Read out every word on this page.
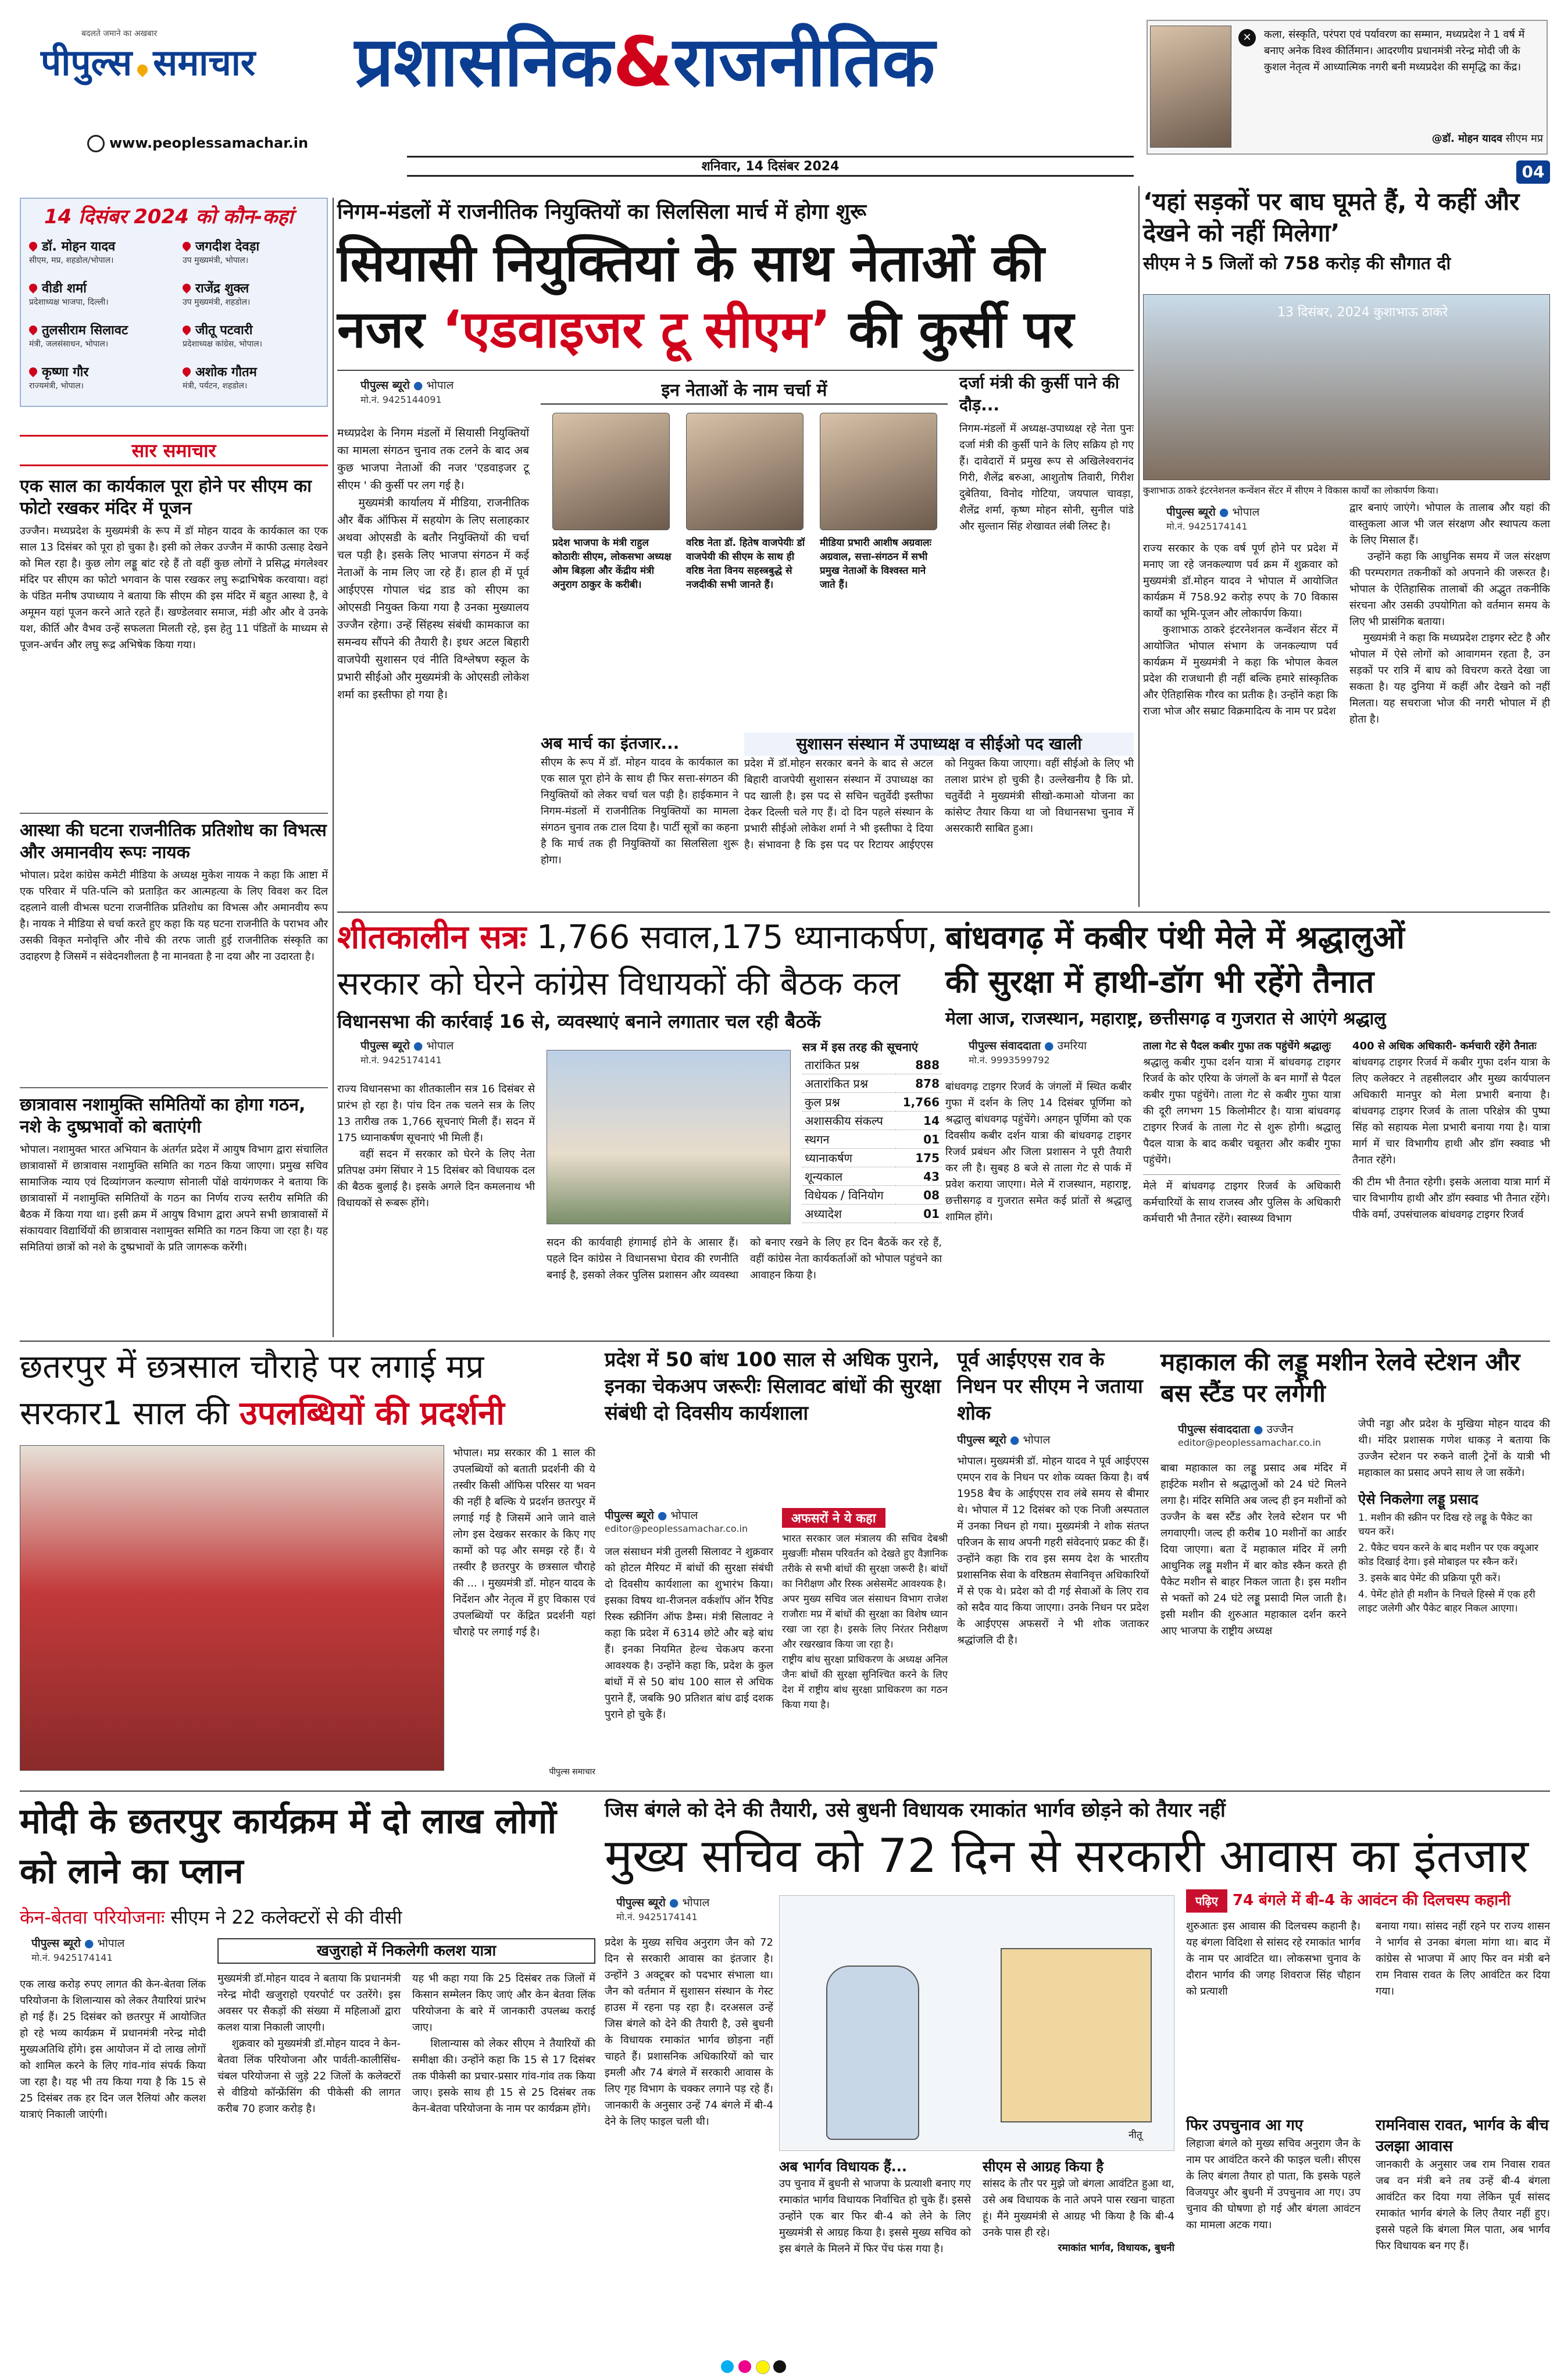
बदलते जमाने का अखबार
पीपुल्स समाचार	प्रशासनिक&राजनीतिक
www.peoplessamachar.in
शनिवार, 14 दिसंबर 2024
✕	कला, संस्कृति, परंपरा एवं पर्यावरण का सम्मान, मध्यप्रदेश ने 1 वर्ष में बनाए अनेक विश्व कीर्तिमान। आदरणीय प्रधानमंत्री नरेन्द्र मोदी जी के कुशल नेतृत्व में आध्यात्मिक नगरी बनी मध्यप्रदेश की समृद्धि का केंद्र।
@डॉ. मोहन यादव सीएम मप्र
04
14 दिसंबर 2024 को कौन-कहां
डॉ. मोहन यादव
सीएम, मप्र, शहडोल/भोपाल।
वीडी शर्मा
प्रदेशाध्यक्ष भाजपा, दिल्ली।
तुलसीराम सिलावट
मंत्री, जलसंसाधन, भोपाल।
कृष्णा गौर
राज्यमंत्री, भोपाल।
जगदीश देवड़ा
उप मुख्यमंत्री, भोपाल।
राजेंद्र शुक्ल
उप मुख्यमंत्री, शहडोल।
जीतू पटवारी
प्रदेशाध्यक्ष कांग्रेस, भोपाल।
अशोक गौतम
मंत्री, पर्यटन, शहडोल।
सार समाचार
एक साल का कार्यकाल पूरा होने पर सीएम का फोटो रखकर मंदिर में पूजन
उज्जैन। मध्यप्रदेश के मुख्यमंत्री के रूप में डॉ मोहन यादव के कार्यकाल का एक साल 13 दिसंबर को पूरा हो चुका है। इसी को लेकर उज्जैन में काफी उत्साह देखने को मिल रहा है। कुछ लोग लड्डू बांट रहे हैं तो वहीं कुछ लोगों ने प्रसिद्ध मंगलेश्वर मंदिर पर सीएम का फोटो भगवान के पास रखकर लघु रूद्राभिषेक करवाया। वहां के पंडित मनीष उपाध्याय ने बताया कि सीएम की इस मंदिर में बहुत आस्था है, वे अमूमन यहां पूजन करने आते रहते हैं। खण्डेलवार समाज, मंडी और और वे उनके यश, कीर्ति और वैभव उन्हें सफलता मिलती रहे, इस हेतु 11 पंडितों के माध्यम से पूजन-अर्चन और लघु रूद्र अभिषेक किया गया।
आस्था की घटना राजनीतिक प्रतिशोध का विभत्स और अमानवीय रूपः नायक
भोपाल। प्रदेश कांग्रेस कमेटी मीडिया के अध्यक्ष मुकेश नायक ने कहा कि आष्टा में एक परिवार में पति-पत्नि को प्रताड़ित कर आत्महत्या के लिए विवश कर दिल दहलाने वाली वीभत्स घटना राजनीतिक प्रतिशोध का विभत्स और अमानवीय रूप है। नायक ने मीडिया से चर्चा करते हुए कहा कि यह घटना राजनीति के पराभव और उसकी विकृत मनोवृत्ति और नीचे की तरफ जाती हुई राजनीतिक संस्कृति का उदाहरण है जिसमें न संवेदनशीलता है ना मानवता है ना दया और ना उदारता है।
छात्रावास नशामुक्ति समितियों का होगा गठन, नशे के दुष्प्रभावों को बताएंगी
भोपाल। नशामुक्त भारत अभियान के अंतर्गत प्रदेश में आयुष विभाग द्वारा संचालित छात्रावासों में छात्रावास नशामुक्ति समिति का गठन किया जाएगा। प्रमुख सचिव सामाजिक न्याय एवं दिव्यांगजन कल्याण सोनाली पोंक्षे वायंगणकर ने बताया कि छात्रावासों में नशामुक्ति समितियों के गठन का निर्णय राज्य स्तरीय समिति की बैठक में किया गया था। इसी क्रम में आयुष विभाग द्वारा अपने सभी छात्रावासों में संकायवार विद्यार्थियों की छात्रावास नशामुक्त समिति का गठन किया जा रहा है। यह समितियां छात्रों को नशे के दुष्प्रभावों के प्रति जागरूक करेंगी।
निगम-मंडलों में राजनीतिक नियुक्तियों का सिलसिला मार्च में होगा शुरू
सियासी नियुक्तियां के साथ नेताओं की
नजर ‘एडवाइजर टू सीएम’ की कुर्सी पर
पीपुल्स ब्यूरो ● भोपाल
मो.नं. 9425144091
मध्यप्रदेश के निगम मंडलों में सियासी नियुक्तियों का मामला संगठन चुनाव तक टलने के बाद अब कुछ भाजपा नेताओं की नजर 'एडवाइजर टू सीएम ' की कुर्सी पर लग गई है।
मुख्यमंत्री कार्यालय में मीडिया, राजनीतिक और बैंक ऑफिस में सहयोग के लिए सलाहकार अथवा ओएसडी के बतौर नियुक्तियों की चर्चा चल पड़ी है। इसके लिए भाजपा संगठन में कई नेताओं के नाम लिए जा रहे हैं। हाल ही में पूर्व आईएएस गोपाल चंद्र डाड को सीएम का ओएसडी नियुक्त किया गया है उनका मुख्यालय उज्जैन रहेगा। उन्हें सिंहस्थ संबंधी कामकाज का समन्वय सौंपने की तैयारी है। इधर अटल बिहारी वाजपेयी सुशासन एवं नीति विश्लेषण स्कूल के प्रभारी सीईओ और मुख्यमंत्री के ओएसडी लोकेश शर्मा का इस्तीफा हो गया है।
इन नेताओं के नाम चर्चा में
प्रदेश भाजपा के मंत्री राहुल कोठारीः सीएम, लोकसभा अध्यक्ष ओम बिड़ला और केंद्रीय मंत्री अनुराग ठाकुर के करीबी।
वरिष्ठ नेता डॉ. हितेष वाजपेयीः डॉ वाजपेयी की सीएम के साथ ही वरिष्ठ नेता विनय सहस्त्रबुद्धे से नजदीकी सभी जानते हैं।
मीडिया प्रभारी आशीष अग्रवालः अग्रवाल, सत्ता-संगठन में सभी प्रमुख नेताओं के विश्वस्त माने जाते हैं।
दर्जा मंत्री की कुर्सी पाने की दौड़...
निगम-मंडलों में अध्यक्ष-उपाध्यक्ष रहे नेता पुनः दर्जा मंत्री की कुर्सी पाने के लिए सक्रिय हो गए हैं। दावेदारों में प्रमुख रूप से अखिलेश्वरानंद गिरी, शैलेंद्र बरुआ, आशुतोष तिवारी, गिरीश दुबेतिया, विनोद गोटिया, जयपाल चावड़ा, शैलेंद्र शर्मा, कृष्ण मोहन सोनी, सुनील पांडे और सुल्तान सिंह शेखावत लंबी लिस्ट है।
अब मार्च का इंतजार...
सीएम के रूप में डॉ. मोहन यादव के कार्यकाल का एक साल पूरा होने के साथ ही फिर सत्ता-संगठन की नियुक्तियों को लेकर चर्चा चल पड़ी है। हाईकमान ने निगम-मंडलों में राजनीतिक नियुक्तियों का मामला संगठन चुनाव तक टाल दिया है। पार्टी सूत्रों का कहना है कि मार्च तक ही नियुक्तियों का सिलसिला शुरू होगा।
सुशासन संस्थान में उपाध्यक्ष व सीईओ पद खाली
प्रदेश में डॉ.मोहन सरकार बनने के बाद से अटल बिहारी वाजपेयी सुशासन संस्थान में उपाध्यक्ष का पद खाली है। इस पद से सचिन चतुर्वेदी इस्तीफा देकर दिल्ली चले गए हैं। दो दिन पहले संस्थान के प्रभारी सीईओ लोकेश शर्मा ने भी इस्तीफा दे दिया है। संभावना है कि इस पद पर रिटायर आईएएस को नियुक्त किया जाएगा। वहीं सीईओ के लिए भी तलाश प्रारंभ हो चुकी है। उल्लेखनीय है कि प्रो. चतुर्वेदी ने मुख्यमंत्री सीखो-कमाओ योजना का कांसेप्ट तैयार किया था जो विधानसभा चुनाव में असरकारी साबित हुआ।
‘यहां सड़कों पर बाघ घूमते हैं, ये कहीं और देखने को नहीं मिलेगा’
सीएम ने 5 जिलों को 758 करोड़ की सौगात दी
13 दिसंबर, 2024 कुशाभाऊ ठाकरे
कुशाभाऊ ठाकरे इंटरनेशनल कन्वेंशन सेंटर में सीएम ने विकास कार्यों का लोकार्पण किया।
पीपुल्स ब्यूरो ● भोपाल
मो.नं. 9425174141
राज्य सरकार के एक वर्ष पूर्ण होने पर प्रदेश में मनाए जा रहे जनकल्याण पर्व क्रम में शुक्रवार को मुख्यमंत्री डॉ.मोहन यादव ने भोपाल में आयोजित कार्यक्रम में 758.92 करोड़ रुपए के 70 विकास कार्यों का भूमि-पूजन और लोकार्पण किया।
कुशाभाऊ ठाकरे इंटरनेशनल कन्वेंशन सेंटर में आयोजित भोपाल संभाग के जनकल्याण पर्व कार्यक्रम में मुख्यमंत्री ने कहा कि भोपाल केवल प्रदेश की राजधानी ही नहीं बल्कि हमारे सांस्कृतिक और ऐतिहासिक गौरव का प्रतीक है। उन्होंने कहा कि राजा भोज और सम्राट विक्रमादित्य के नाम पर प्रदेश
द्वार बनाएं जाएंगे। भोपाल के तालाब और यहां की वास्तुकला आज भी जल संरक्षण और स्थापत्य कला के लिए मिसाल हैं।
उन्होंने कहा कि आधुनिक समय में जल संरक्षण की परम्परागत तकनीकों को अपनाने की जरूरत है। भोपाल के ऐतिहासिक तालाबों की अद्भुत तकनीकि संरचना और उसकी उपयोगिता को वर्तमान समय के लिए भी प्रासंगिक बताया।
मुख्यमंत्री ने कहा कि मध्यप्रदेश टाइगर स्टेट है और भोपाल में ऐसे लोगों को आवागमन रहता है, उन सड़कों पर रात्रि में बाघ को विचरण करते देखा जा सकता है। यह दुनिया में कहीं और देखने को नहीं मिलता। यह सचराजा भोज की नगरी भोपाल में ही होता है।
शीतकालीन सत्रः 1,766 सवाल,175 ध्यानाकर्षण,
सरकार को घेरने कांग्रेस विधायकों की बैठक कल
विधानसभा की कार्रवाई 16 से, व्यवस्थाएं बनाने लगातार चल रही बैठकें
पीपुल्स ब्यूरो ● भोपाल
मो.नं. 9425174141
राज्य विधानसभा का शीतकालीन सत्र 16 दिसंबर से प्रारंभ हो रहा है। पांच दिन तक चलने सत्र के लिए 13 तारीख तक 1,766 सूचनाएं मिली हैं। सदन में 175 ध्यानाकर्षण सूचनाएं भी मिली हैं।
वहीं सदन में सरकार को घेरने के लिए नेता प्रतिपक्ष उमंग सिंघार ने 15 दिसंबर को विधायक दल की बैठक बुलाई है। इसके अगले दिन कमलनाथ भी विधायकों से रूबरू होंगे।
सत्र में इस तरह की सूचनाएं
तारांकित प्रश्न	888
अतारांकित प्रश्न	878
कुल प्रश्न	1,766
अशासकीय संकल्प	14
स्थगन	01
ध्यानाकर्षण	175
शून्यकाल	43
विधेयक / विनियोग	08
अध्यादेश	01
सदन की कार्यवाही हंगामाई होने के आसार हैं। पहले दिन कांग्रेस ने विधानसभा घेराव की रणनीति बनाई है, इसको लेकर पुलिस प्रशासन और व्यवस्था को बनाए रखने के लिए हर दिन बैठकें कर रहे हैं, वहीं कांग्रेस नेता कार्यकर्ताओं को भोपाल पहुंचने का आवाहन किया है।
बांधवगढ़ में कबीर पंथी मेले में श्रद्धालुओं
की सुरक्षा में हाथी-डॉग भी रहेंगे तैनात
मेला आज, राजस्थान, महाराष्ट्र, छत्तीसगढ़ व गुजरात से आएंगे श्रद्धालु
पीपुल्स संवाददाता ● उमरिया
मो.नं. 9993599792
बांधवगढ़ टाइगर रिजर्व के जंगलों में स्थित कबीर गुफा में दर्शन के लिए 14 दिसंबर पूर्णिमा को श्रद्धालु बांधवगढ़ पहुंचेंगे। अगहन पूर्णिमा को एक दिवसीय कबीर दर्शन यात्रा की बांधवगढ़ टाइगर रिजर्व प्रबंधन और जिला प्रशासन ने पूरी तैयारी कर ली है। सुबह 8 बजे से ताला गेट से पार्क में प्रवेश कराया जाएगा। मेले में राजस्थान, महाराष्ट्र, छत्तीसगढ़ व गुजरात समेत कई प्रांतों से श्रद्धालु शामिल होंगे।
ताला गेट से पैदल कबीर गुफा तक पहुंचेंगे श्रद्धालुः
श्रद्धालु कबीर गुफा दर्शन यात्रा में बांधवगढ़ टाइगर रिजर्व के कोर एरिया के जंगलों के बन मार्गों से पैदल कबीर गुफा पहुंचेंगे। ताला गेट से कबीर गुफा यात्रा की दूरी लगभग 15 किलोमीटर है। यात्रा बांधवगढ़ टाइगर रिजर्व के ताला गेट से शुरू होगी। श्रद्धालु पैदल यात्रा के बाद कबीर चबूतरा और कबीर गुफा पहुंचेंगे।
मेले में बांधवगढ़ टाइगर रिजर्व के अधिकारी कर्मचारियों के साथ राजस्व और पुलिस के अधिकारी कर्मचारी भी तैनात रहेंगे। स्वास्थ्य विभाग
400 से अधिक अधिकारी- कर्मचारी रहेंगे तैनातः
बांधवगढ़ टाइगर रिजर्व में कबीर गुफा दर्शन यात्रा के लिए कलेक्टर ने तहसीलदार और मुख्य कार्यपालन अधिकारी मानपुर को मेला प्रभारी बनाया है। बांधवगढ़ टाइगर रिजर्व के ताला परिक्षेत्र की पुष्पा सिंह को सहायक मेला प्रभारी बनाया गया है। यात्रा मार्ग में चार विभागीय हाथी और डॉग स्क्वाड भी तैनात रहेंगे।
की टीम भी तैनात रहेगी। इसके अलावा यात्रा मार्ग में चार विभागीय हाथी और डॉग स्क्वाड भी तैनात रहेंगे। पीके वर्मा, उपसंचालक बांधवगढ़ टाइगर रिजर्व
छतरपुर में छत्रसाल चौराहे पर लगाई मप्र
सरकार1 साल की उपलब्धियों की प्रदर्शनी
भोपाल। मप्र सरकार की 1 साल की उपलब्धियों को बताती प्रदर्शनी की ये तस्वीर किसी ऑफिस परिसर या भवन की नहीं है बल्कि ये प्रदर्शन छतरपुर में लगाई गई है जिसमें आने जाने वाले लोग इस देखकर सरकार के किए गए कामों को पढ़ और समझ रहे हैं। ये तस्वीर है छतरपुर के छत्रसाल चौराहे की ... । मुख्यमंत्री डॉ. मोहन यादव के निर्देशन और नेतृत्व में हुए विकास एवं उपलब्धियों पर केंद्रित प्रदर्शनी यहां चौराहे पर लगाई गई है।
पीपुल्स समाचार
प्रदेश में 50 बांध 100 साल से अधिक पुराने, इनका चेकअप जरूरीः सिलावट बांधों की सुरक्षा संबंधी दो दिवसीय कार्यशाला
पीपुल्स ब्यूरो ● भोपाल
editor@peoplessamachar.co.in
जल संसाधन मंत्री तुलसी सिलावट ने शुक्रवार को होटल मैरियट में बांधों की सुरक्षा संबंधी दो दिवसीय कार्यशाला का शुभारंभ किया। इसका विषय था-रीजनल वर्कशॉप ऑन रैपिड रिस्क स्क्रीनिंग ऑफ डैम्स। मंत्री सिलावट ने कहा कि प्रदेश में 6314 छोटे और बड़े बांध हैं। इनका नियमित हेल्थ चेकअप करना आवश्यक है। उन्होंने कहा कि, प्रदेश के कुल बांधों में से 50 बांध 100 साल से अधिक पुराने हैं, जबकि 90 प्रतिशत बांध ढाई दशक पुराने हो चुके हैं।
अफसरों ने ये कहा
भारत सरकार जल मंत्रालय की सचिव देबश्री मुखर्जीः मौसम परिवर्तन को देखते हुए वैज्ञानिक तरीके से सभी बांधों की सुरक्षा जरूरी है। बांधों का निरीक्षण और रिस्क असेसमेंट आवश्यक है।
अपर मुख्य सचिव जल संसाधन विभाग राजेश राजौराः मप्र में बांधों की सुरक्षा का विशेष ध्यान रखा जा रहा है। इसके लिए निरंतर निरीक्षण और रखरखाव किया जा रहा है।
राष्ट्रीय बांध सुरक्षा प्राधिकरण के अध्यक्ष अनिल जैनः बांधों की सुरक्षा सुनिश्चित करने के लिए देश में राष्ट्रीय बांध सुरक्षा प्राधिकरण का गठन किया गया है।
पूर्व आईएएस राव के निधन पर सीएम ने जताया शोक
पीपुल्स ब्यूरो ● भोपाल
भोपाल। मुख्यमंत्री डॉ. मोहन यादव ने पूर्व आईएएस एमएन राव के निधन पर शोक व्यक्त किया है। वर्ष 1958 बैच के आईएएस राव लंबे समय से बीमार थे। भोपाल में 12 दिसंबर को एक निजी अस्पताल में उनका निधन हो गया। मुख्यमंत्री ने शोक संतप्त परिजन के साथ अपनी गहरी संवेदनाएं प्रकट की हैं। उन्होंने कहा कि राव इस समय देश के भारतीय प्रशासनिक सेवा के वरिष्ठतम सेवानिवृत्त अधिकारियों में से एक थे। प्रदेश को दी गई सेवाओं के लिए राव को सदैव याद किया जाएगा। उनके निधन पर प्रदेश के आईएएस अफसरों ने भी शोक जताकर श्रद्धांजलि दी है।
महाकाल की लड्डू मशीन रेलवे स्टेशन और बस स्टैंड पर लगेगी
पीपुल्स संवाददाता ● उज्जैन
editor@peoplessamachar.co.in
बाबा महाकाल का लड्डू प्रसाद अब मंदिर में हाईटेक मशीन से श्रद्धालुओं को 24 घंटे मिलने लगा है। मंदिर समिति अब जल्द ही इन मशीनों को उज्जैन के बस स्टैंड और रेलवे स्टेशन पर भी लगवाएगी। जल्द ही करीब 10 मशीनों का आर्डर दिया जाएगा। बता दें महाकाल मंदिर में लगी आधुनिक लड्डू मशीन में बार कोड स्कैन करते ही पैकेट मशीन से बाहर निकल जाता है। इस मशीन से भक्तों को 24 घंटे लड्डू प्रसादी मिल जाती है। इसी मशीन की शुरुआत महाकाल दर्शन करने आए भाजपा के राष्ट्रीय अध्यक्ष
जेपी नड्डा और प्रदेश के मुखिया मोहन यादव की थी। मंदिर प्रशासक गणेश धाकड़ ने बताया कि उज्जैन स्टेशन पर रुकने वाली ट्रेनों के यात्री भी महाकाल का प्रसाद अपने साथ ले जा सकेंगे।
ऐसे निकलेगा लड्डू प्रसाद
1. मशीन की स्क्रीन पर दिख रहे लड्डू के पैकेट का चयन करें।
2. पैकेट चयन करने के बाद मशीन पर एक क्यूआर कोड दिखाई देगा। इसे मोबाइल पर स्कैन करें।
3. इसके बाद पेमेंट की प्रक्रिया पूरी करें।
4. पेमेंट होते ही मशीन के निचले हिस्से में एक हरी लाइट जलेगी और पैकेट बाहर निकल आएगा।
मोदी के छतरपुर कार्यक्रम में दो लाख लोगों को लाने का प्लान
केन-बेतवा परियोजनाः सीएम ने 22 कलेक्टरों से की वीसी
पीपुल्स ब्यूरो ● भोपाल
मो.नं. 9425174141
एक लाख करोड़ रुपए लागत की केन-बेतवा लिंक परियोजना के शिलान्यास को लेकर तैयारियां प्रारंभ हो गई हैं। 25 दिसंबर को छतरपुर में आयोजित हो रहे भव्य कार्यक्रम में प्रधानमंत्री नरेन्द्र मोदी मुख्यअतिथि होंगे। इस आयोजन में दो लाख लोगों को शामिल करने के लिए गांव-गांव संपर्क किया जा रहा है। यह भी तय किया गया है कि 15 से 25 दिसंबर तक हर दिन जल रैलियां और कलश यात्राएं निकाली जाएंगी।
खजुराहो में निकलेगी कलश यात्रा
मुख्यमंत्री डॉ.मोहन यादव ने बताया कि प्रधानमंत्री नरेन्द्र मोदी खजुराहो एयरपोर्ट पर उतरेंगे। इस अवसर पर सैकड़ों की संख्या में महिलाओं द्वारा कलश यात्रा निकाली जाएगी।
शुक्रवार को मुख्यमंत्री डॉ.मोहन यादव ने केन-बेतवा लिंक परियोजना और पार्वती-कालीसिंध-चंबल परियोजना से जुड़े 22 जिलों के कलेक्टरों से वीडियो कॉन्फ्रेंसिंग की पीकेसी की लागत करीब 70 हजार करोड़ है।
यह भी कहा गया कि 25 दिसंबर तक जिलों में किसान सम्मेलन किए जाएं और केन बेतवा लिंक परियोजना के बारे में जानकारी उपलब्ध कराई जाए।
शिलान्यास को लेकर सीएम ने तैयारियों की समीक्षा की। उन्होंने कहा कि 15 से 17 दिसंबर तक पीकेसी का प्रचार-प्रसार गांव-गांव तक किया जाए। इसके साथ ही 15 से 25 दिसंबर तक केन-बेतवा परियोजना के नाम पर कार्यक्रम होंगे।
जिस बंगले को देने की तैयारी, उसे बुधनी विधायक रमाकांत भार्गव छोड़ने को तैयार नहीं
मुख्य सचिव को 72 दिन से सरकारी आवास का इंतजार
पीपुल्स ब्यूरो ● भोपाल
मो.नं. 9425174141
प्रदेश के मुख्य सचिव अनुराग जैन को 72 दिन से सरकारी आवास का इंतजार है। उन्होंने 3 अक्टूबर को पदभार संभाला था। जैन को वर्तमान में सुशासन संस्थान के गेस्ट हाउस में रहना पड़ रहा है। दरअसल उन्हें जिस बंगले को देने की तैयारी है, उसे बुधनी के विधायक रमाकांत भार्गव छोड़ना नहीं चाहते हैं। प्रशासनिक अधिकारियों को चार इमली और 74 बंगले में सरकारी आवास के लिए गृह विभाग के चक्कर लगाने पड़ रहे हैं। जानकारी के अनुसार उन्हें 74 बंगले में बी-4 देने के लिए फाइल चली थी।
नीतू
अब भार्गव विधायक हैं...
उप चुनाव में बुधनी से भाजपा के प्रत्याशी बनाए गए रमाकांत भार्गव विधायक निर्वाचित हो चुके हैं। इससे उन्होंने एक बार फिर बी-4 को लेने के लिए मुख्यमंत्री से आग्रह किया है। इससे मुख्य सचिव को इस बंगले के मिलने में फिर पेंच फंस गया है।
सीएम से आग्रह किया है
सांसद के तौर पर मुझे जो बंगला आवंटित हुआ था, उसे अब विधायक के नाते अपने पास रखना चाहता हूं। मैंने मुख्यमंत्री से आग्रह भी किया है कि बी-4 उनके पास ही रहे।
रमाकांत भार्गव, विधायक, बुधनी
पढ़िए 74 बंगले में बी-4 के आवंटन की दिलचस्प कहानी
शुरुआतः इस आवास की दिलचस्प कहानी है। यह बंगला विदिशा से सांसद रहे रमाकांत भार्गव के नाम पर आवंटित था। लोकसभा चुनाव के दौरान भार्गव की जगह शिवराज सिंह चौहान को प्रत्याशी
बनाया गया। सांसद नहीं रहने पर राज्य शासन ने भार्गव से उनका बंगला मांगा था। बाद में कांग्रेस से भाजपा में आए फिर वन मंत्री बने राम निवास रावत के लिए आवंटित कर दिया गया।
फिर उपचुनाव आ गए
लिहाजा बंगले को मुख्य सचिव अनुराग जैन के नाम पर आवंटित करने की फाइल चली। सीएस के लिए बंगला तैयार हो पाता, कि इसके पहले विजयपुर और बुधनी में उपचुनाव आ गए। उप चुनाव की घोषणा हो गई और बंगला आवंटन का मामला अटक गया।
रामनिवास रावत, भार्गव के बीच उलझा आवास
जानकारी के अनुसार जब राम निवास रावत जब वन मंत्री बने तब उन्हें बी-4 बंगला आवंटित कर दिया गया लेकिन पूर्व सांसद रमाकांत भार्गव बंगले के लिए तैयार नहीं हुए। इससे पहले कि बंगला मिल पाता, अब भार्गव फिर विधायक बन गए हैं।
